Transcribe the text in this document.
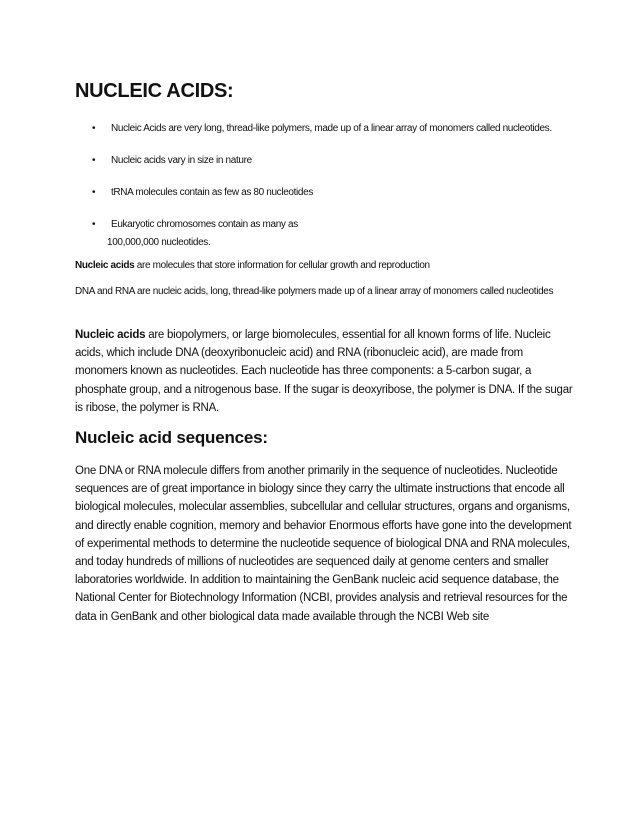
NUCLEIC ACIDS:
• Nucleic Acids are very long, thread-like polymers, made up of a linear array of monomers called nucleotides.
• Nucleic acids vary in size in nature
• tRNA molecules contain as few as 80 nucleotides
• Eukaryotic chromosomes contain as many as
100,000,000 nucleotides.

Nucleic acids are molecules that store information for cellular growth and reproduction

DNA and RNA are nucleic acids, long, thread-like polymers made up of a linear array of monomers called nucleotides

Nucleic acids are biopolymers, or large biomolecules, essential for all known forms of life. Nucleic acids, which include DNA (deoxyribonucleic acid) and RNA (ribonucleic acid), are made from monomers known as nucleotides. Each nucleotide has three components: a 5-carbon sugar, a phosphate group, and a nitrogenous base. If the sugar is deoxyribose, the polymer is DNA. If the sugar is ribose, the polymer is RNA.

Nucleic acid sequences:

One DNA or RNA molecule differs from another primarily in the sequence of nucleotides. Nucleotide sequences are of great importance in biology since they carry the ultimate instructions that encode all biological molecules, molecular assemblies, subcellular and cellular structures, organs and organisms, and directly enable cognition, memory and behavior Enormous efforts have gone into the development of experimental methods to determine the nucleotide sequence of biological DNA and RNA molecules, and today hundreds of millions of nucleotides are sequenced daily at genome centers and smaller laboratories worldwide. In addition to maintaining the GenBank nucleic acid sequence database, the National Center for Biotechnology Information (NCBI, provides analysis and retrieval resources for the data in GenBank and other biological data made available through the NCBI Web site
